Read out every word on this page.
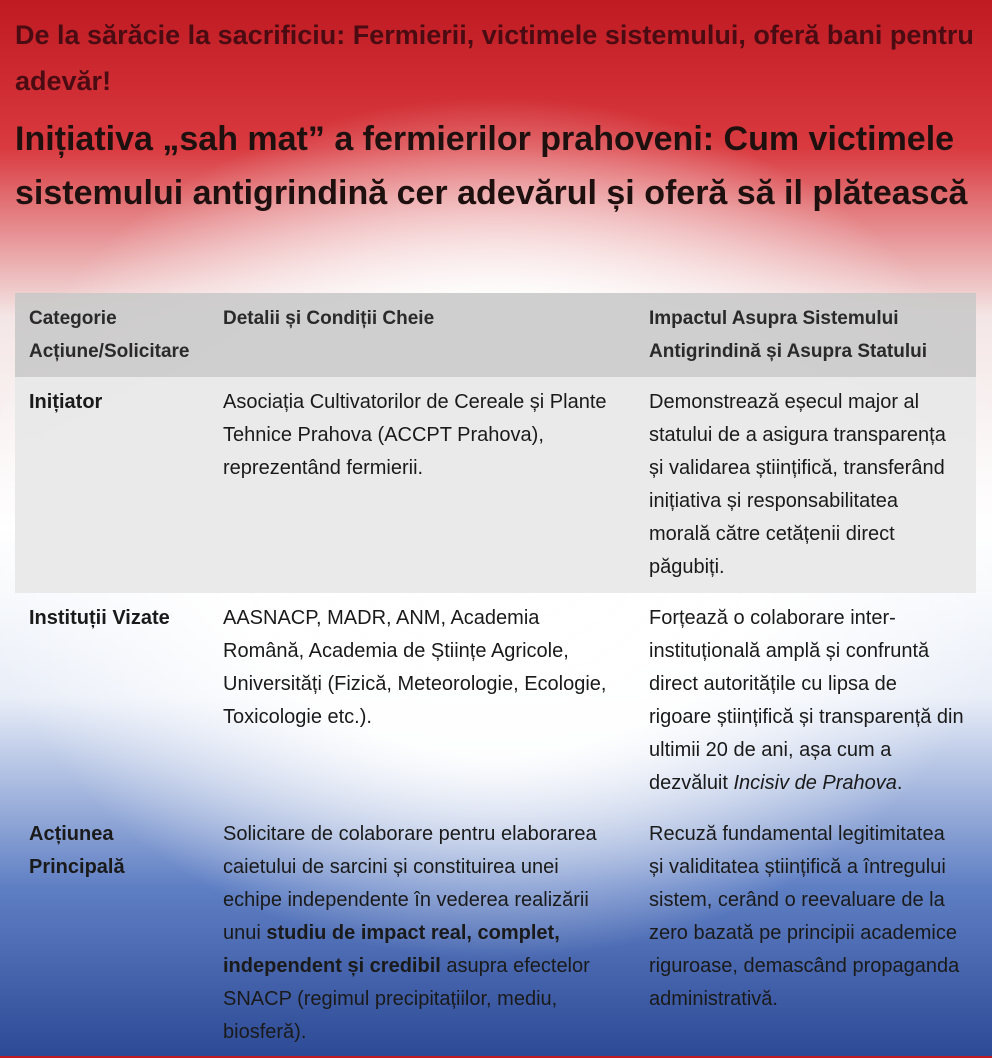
De la sărăcie la sacrificiu: Fermierii, victimele sistemului, oferă bani pentru adevăr!
Inițiativa „sah mat” a fermierilor prahoveni: Cum victimele sistemului antigrindină cer adevărul și oferă să il plătească
Categorie Acțiune/Solicitare	Detalii și Condiții Cheie	Impactul Asupra Sistemului Antigrindină și Asupra Statului
Inițiator	Asociația Cultivatorilor de Cereale și Plante Tehnice Prahova (ACCPT Prahova), reprezentând fermierii.	Demonstrează eșecul major al statului de a asigura transparența și validarea științifică, transferând inițiativa și responsabilitatea morală către cetățenii direct păgubiți.
Instituții Vizate	AASNACP, MADR, ANM, Academia Română, Academia de Științe Agricole, Universități (Fizică, Meteorologie, Ecologie, Toxicologie etc.).	Forțează o colaborare inter-instituțională amplă și confruntă direct autoritățile cu lipsa de rigoare științifică și transparență din ultimii 20 de ani, așa cum a dezvăluit Incisiv de Prahova.
Acțiunea Principală	Solicitare de colaborare pentru elaborarea caietului de sarcini și constituirea unei echipe independente în vederea realizării unui studiu de impact real, complet, independent și credibil asupra efectelor SNACP (regimul precipitațiilor, mediu, biosferă).	Recuză fundamental legitimitatea și validitatea științifică a întregului sistem, cerând o reevaluare de la zero bazată pe principii academice riguroase, demascând propaganda administrativă.
